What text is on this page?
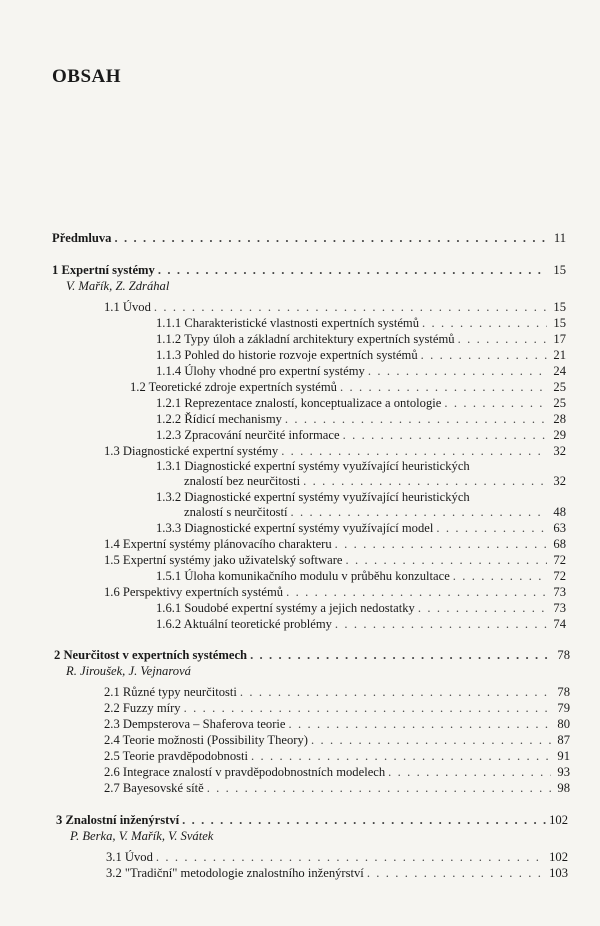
OBSAH
Předmluva . . .	11
1 Expertní systémy . . .	15
V. Mařík, Z. Zdráhal
1.1 Úvod . . .	15
1.1.1 Charakteristické vlastnosti expertních systémů . . .	15
1.1.2 Typy úloh a základní architektury expertních systémů . . .	17
1.1.3 Pohled do historie rozvoje expertních systémů . . .	21
1.1.4 Úlohy vhodné pro expertní systémy . . .	24
1.2 Teoretické zdroje expertních systémů . . .	25
1.2.1 Reprezentace znalostí, konceptualizace a ontologie . . .	25
1.2.2 Řídicí mechanismy . . .	28
1.2.3 Zpracování neurčité informace . . .	29
1.3 Diagnostické expertní systémy . . .	32
1.3.1 Diagnostické expertní systémy využívající heuristických
znalostí bez neurčitosti . . .	32
1.3.2 Diagnostické expertní systémy využívající heuristických
znalostí s neurčitostí . . .	48
1.3.3 Diagnostické expertní systémy využívající model . . .	63
1.4 Expertní systémy plánovacího charakteru . . .	68
1.5 Expertní systémy jako uživatelský software . . .	72
1.5.1 Úloha komunikačního modulu v průběhu konzultace . . .	72
1.6 Perspektivy expertních systémů . . .	73
1.6.1 Soudobé expertní systémy a jejich nedostatky . . .	73
1.6.2 Aktuální teoretické problémy . . .	74
2 Neurčitost v expertních systémech . . .	78
R. Jiroušek, J. Vejnarová
2.1 Různé typy neurčitosti . . .	78
2.2 Fuzzy míry . . .	79
2.3 Dempsterova – Shaferova teorie . . .	80
2.4 Teorie možnosti (Possibility Theory) . . .	87
2.5 Teorie pravděpodobnosti . . .	91
2.6 Integrace znalostí v pravděpodobnostních modelech . . .	93
2.7 Bayesovské sítě . . .	98
3 Znalostní inženýrství . . .	102
P. Berka, V. Mařík, V. Svátek
3.1 Úvod . . .	102
3.2 "Tradiční" metodologie znalostního inženýrství . . .	103
